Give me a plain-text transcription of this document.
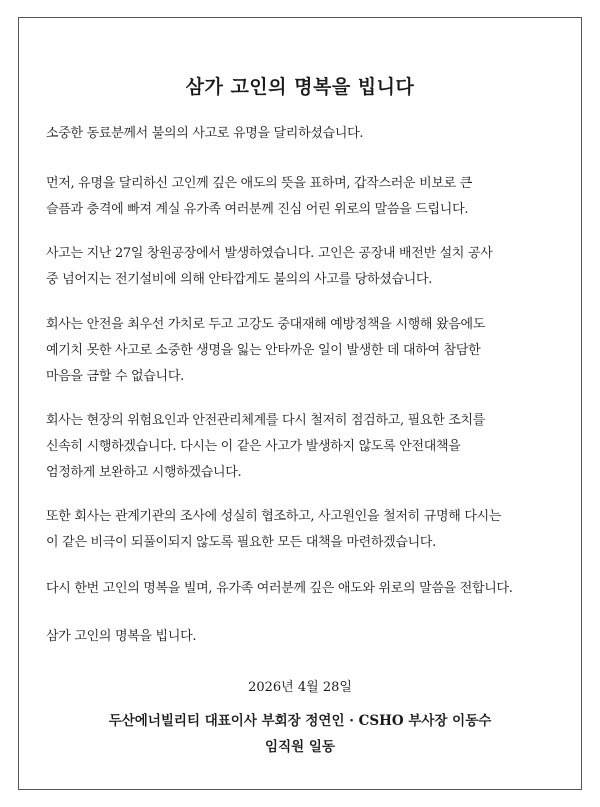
삼가 고인의 명복을 빕니다

소중한 동료분께서 불의의 사고로 유명을 달리하셨습니다.

먼저, 유명을 달리하신 고인께 깊은 애도의 뜻을 표하며, 갑작스러운 비보로 큰
슬픔과 충격에 빠져 계실 유가족 여러분께 진심 어린 위로의 말씀을 드립니다.

사고는 지난 27일 창원공장에서 발생하였습니다. 고인은 공장내 배전반 설치 공사
중 넘어지는 전기설비에 의해 안타깝게도 불의의 사고를 당하셨습니다.

회사는 안전을 최우선 가치로 두고 고강도 중대재해 예방정책을 시행해 왔음에도
예기치 못한 사고로 소중한 생명을 잃는 안타까운 일이 발생한 데 대하여 참담한
마음을 금할 수 없습니다.

회사는 현장의 위험요인과 안전관리체계를 다시 철저히 점검하고, 필요한 조치를
신속히 시행하겠습니다. 다시는 이 같은 사고가 발생하지 않도록 안전대책을
엄정하게 보완하고 시행하겠습니다.

또한 회사는 관계기관의 조사에 성실히 협조하고, 사고원인을 철저히 규명해 다시는
이 같은 비극이 되풀이되지 않도록 필요한 모든 대책을 마련하겠습니다.

다시 한번 고인의 명복을 빌며, 유가족 여러분께 깊은 애도와 위로의 말씀을 전합니다.

삼가 고인의 명복을 빕니다.

2026년 4월 28일

두산에너빌리티 대표이사 부회장 정연인 · CSHO 부사장 이동수

임직원 일동
